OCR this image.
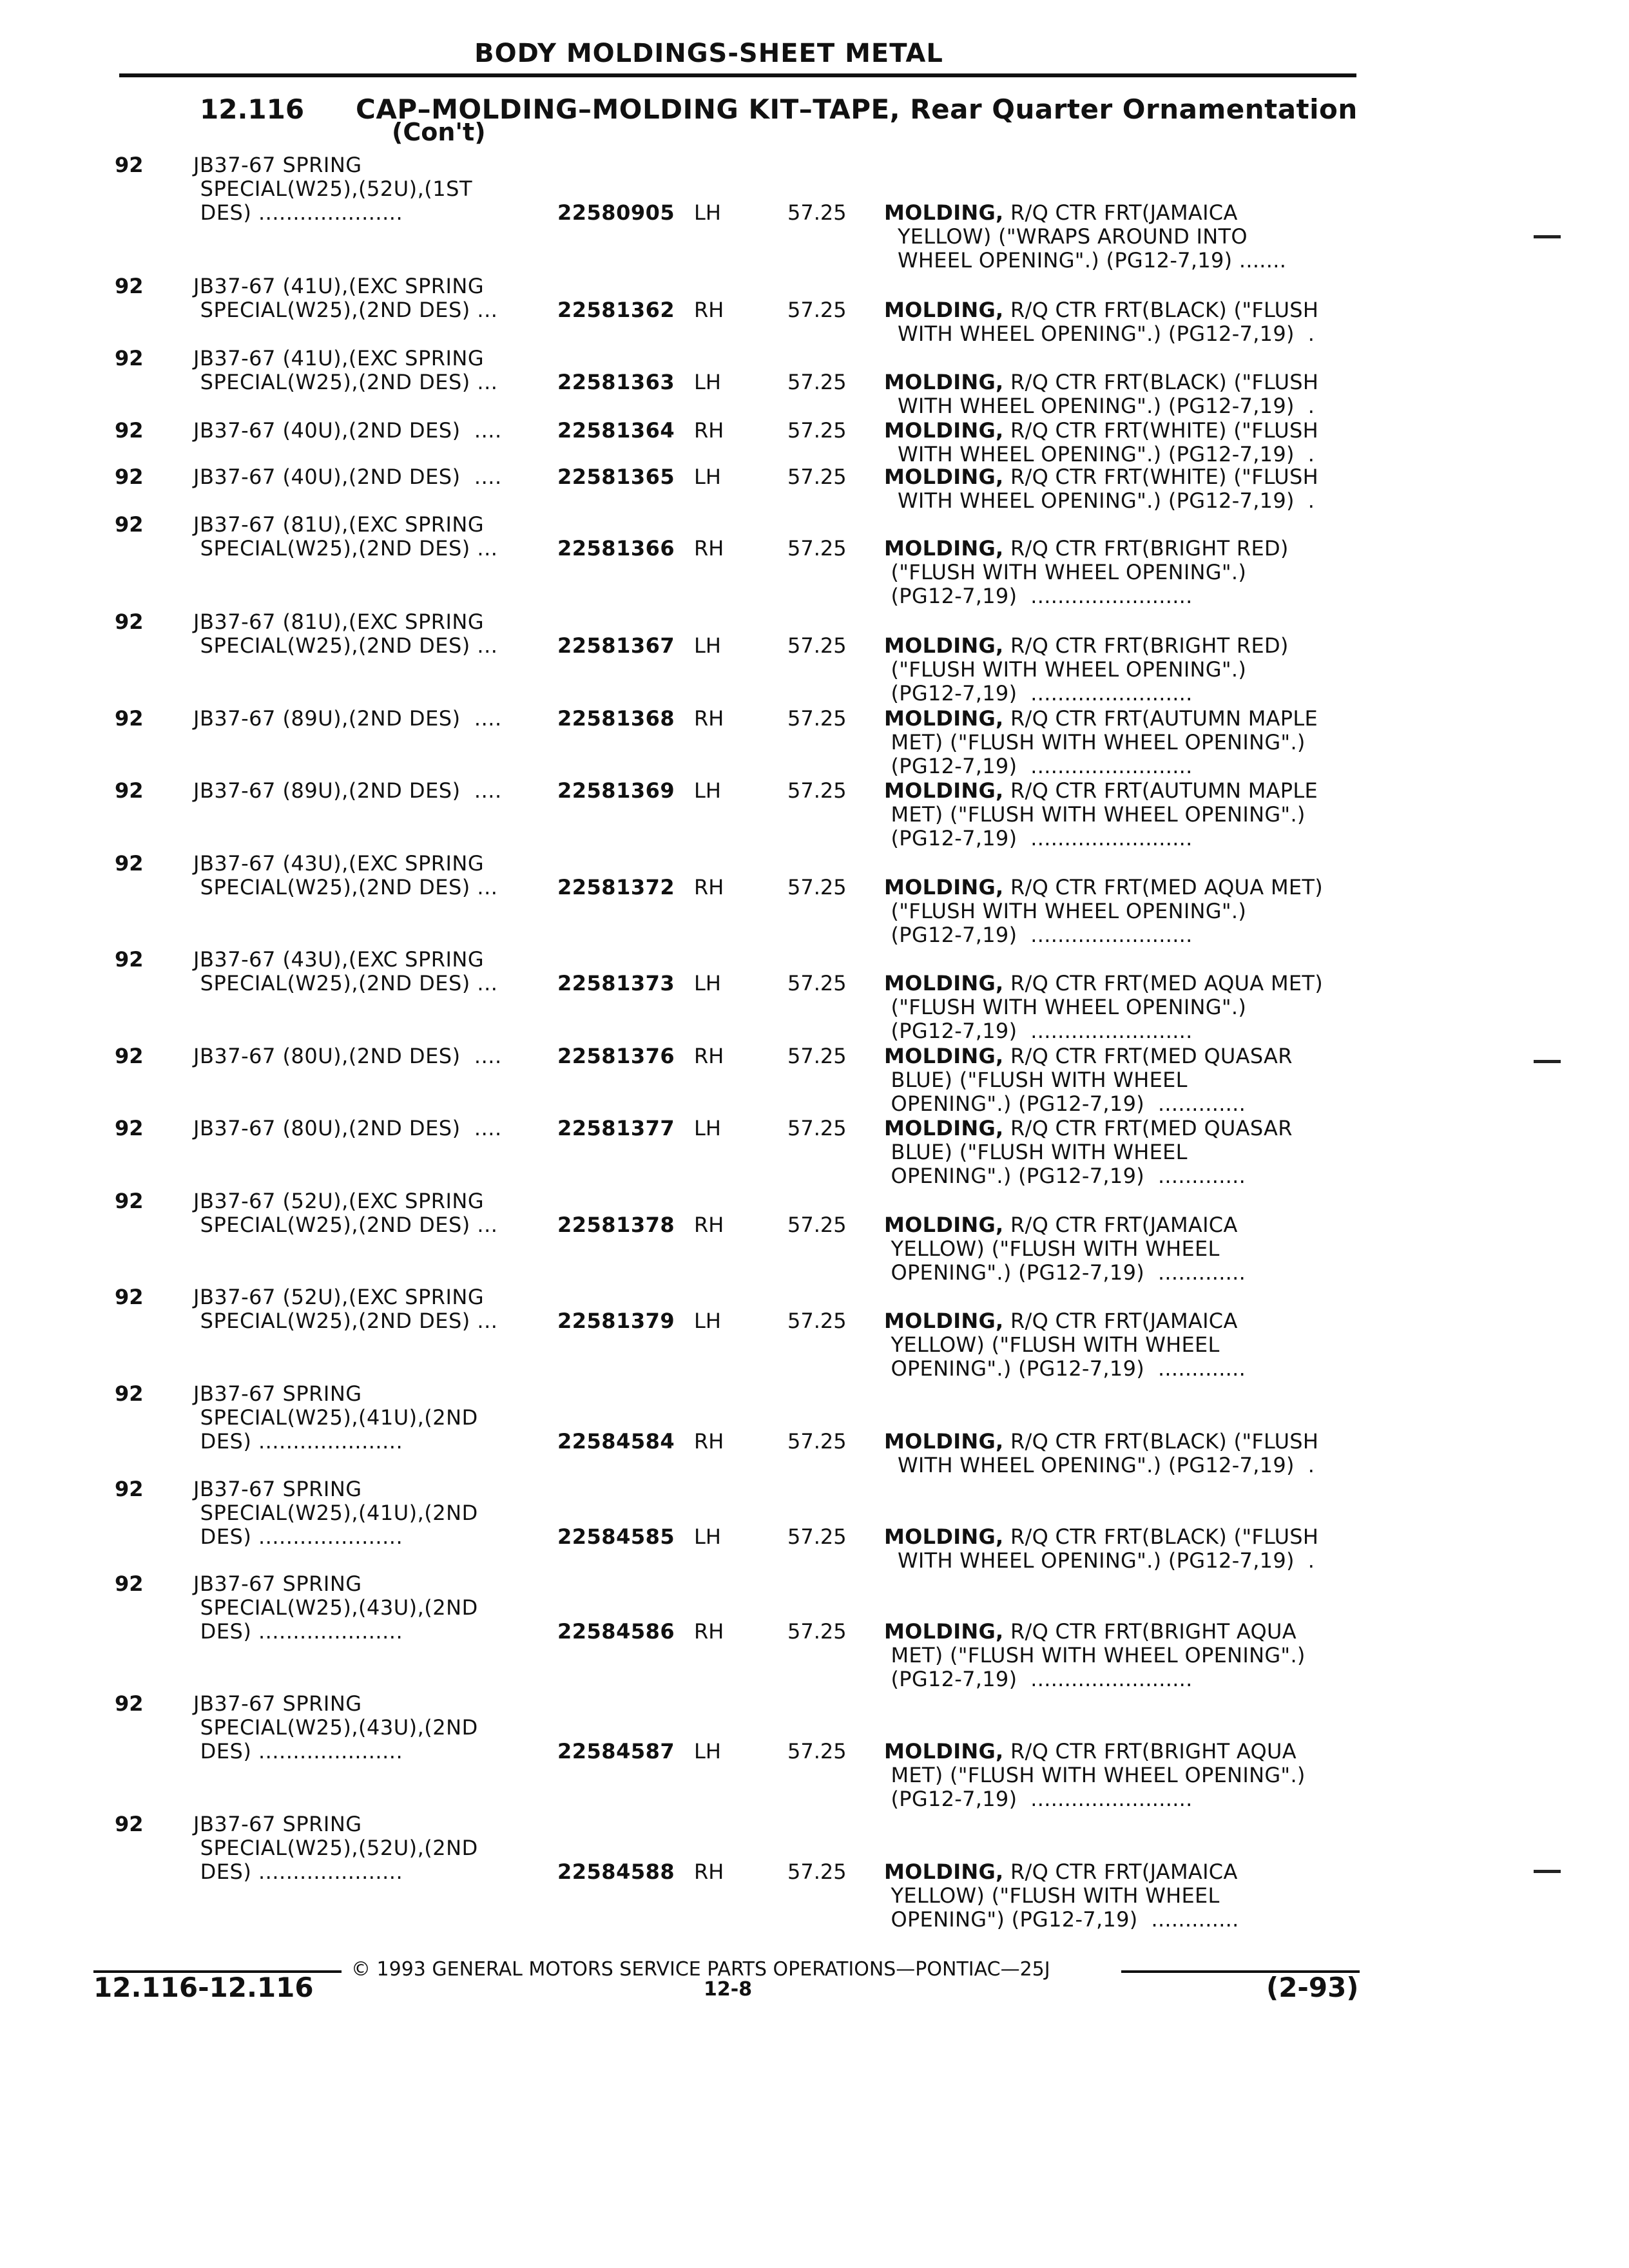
BODY MOLDINGS-SHEET METAL
12.116 CAP–MOLDING–MOLDING KIT–TAPE, Rear Quarter Ornamentation
(Con't)
92 JB37-67 SPRING
SPECIAL(W25),(52U),(1ST
DES) .....................	22580905 LH	57.25 MOLDING, R/Q CTR FRT(JAMAICA
YELLOW) ("WRAPS AROUND INTO
WHEEL OPENING".) (PG12-7,19) .......
92 JB37-67 (41U),(EXC SPRING
SPECIAL(W25),(2ND DES) ...	22581362 RH	57.25 MOLDING, R/Q CTR FRT(BLACK) ("FLUSH
WITH WHEEL OPENING".) (PG12-7,19)  .
92 JB37-67 (41U),(EXC SPRING
SPECIAL(W25),(2ND DES) ...	22581363 LH	57.25 MOLDING, R/Q CTR FRT(BLACK) ("FLUSH
WITH WHEEL OPENING".) (PG12-7,19)  .
92 JB37-67 (40U),(2ND DES)  ....	22581364 RH	57.25 MOLDING, R/Q CTR FRT(WHITE) ("FLUSH
WITH WHEEL OPENING".) (PG12-7,19)  .
92 JB37-67 (40U),(2ND DES)  ....	22581365 LH	57.25 MOLDING, R/Q CTR FRT(WHITE) ("FLUSH
WITH WHEEL OPENING".) (PG12-7,19)  .
92 JB37-67 (81U),(EXC SPRING
SPECIAL(W25),(2ND DES) ...	22581366 RH	57.25 MOLDING, R/Q CTR FRT(BRIGHT RED)
("FLUSH WITH WHEEL OPENING".)
(PG12-7,19)  ........................
92 JB37-67 (81U),(EXC SPRING
SPECIAL(W25),(2ND DES) ...	22581367 LH	57.25 MOLDING, R/Q CTR FRT(BRIGHT RED)
("FLUSH WITH WHEEL OPENING".)
(PG12-7,19)  ........................
92 JB37-67 (89U),(2ND DES)  ....	22581368 RH	57.25 MOLDING, R/Q CTR FRT(AUTUMN MAPLE
MET) ("FLUSH WITH WHEEL OPENING".)
(PG12-7,19)  ........................
92 JB37-67 (89U),(2ND DES)  ....	22581369 LH	57.25 MOLDING, R/Q CTR FRT(AUTUMN MAPLE
MET) ("FLUSH WITH WHEEL OPENING".)
(PG12-7,19)  ........................
92 JB37-67 (43U),(EXC SPRING
SPECIAL(W25),(2ND DES) ...	22581372 RH	57.25 MOLDING, R/Q CTR FRT(MED AQUA MET)
("FLUSH WITH WHEEL OPENING".)
(PG12-7,19)  ........................
92 JB37-67 (43U),(EXC SPRING
SPECIAL(W25),(2ND DES) ...	22581373 LH	57.25 MOLDING, R/Q CTR FRT(MED AQUA MET)
("FLUSH WITH WHEEL OPENING".)
(PG12-7,19)  ........................
92 JB37-67 (80U),(2ND DES)  ....	22581376 RH	57.25 MOLDING, R/Q CTR FRT(MED QUASAR
BLUE) ("FLUSH WITH WHEEL
OPENING".) (PG12-7,19)  .............
92 JB37-67 (80U),(2ND DES)  ....	22581377 LH	57.25 MOLDING, R/Q CTR FRT(MED QUASAR
BLUE) ("FLUSH WITH WHEEL
OPENING".) (PG12-7,19)  .............
92 JB37-67 (52U),(EXC SPRING
SPECIAL(W25),(2ND DES) ...	22581378 RH	57.25 MOLDING, R/Q CTR FRT(JAMAICA
YELLOW) ("FLUSH WITH WHEEL
OPENING".) (PG12-7,19)  .............
92 JB37-67 (52U),(EXC SPRING
SPECIAL(W25),(2ND DES) ...	22581379 LH	57.25 MOLDING, R/Q CTR FRT(JAMAICA
YELLOW) ("FLUSH WITH WHEEL
OPENING".) (PG12-7,19)  .............
92 JB37-67 SPRING
SPECIAL(W25),(41U),(2ND
DES) .....................	22584584 RH	57.25 MOLDING, R/Q CTR FRT(BLACK) ("FLUSH
WITH WHEEL OPENING".) (PG12-7,19)  .
92 JB37-67 SPRING
SPECIAL(W25),(41U),(2ND
DES) .....................	22584585 LH	57.25 MOLDING, R/Q CTR FRT(BLACK) ("FLUSH
WITH WHEEL OPENING".) (PG12-7,19)  .
92 JB37-67 SPRING
SPECIAL(W25),(43U),(2ND
DES) .....................	22584586 RH	57.25 MOLDING, R/Q CTR FRT(BRIGHT AQUA
MET) ("FLUSH WITH WHEEL OPENING".)
(PG12-7,19)  ........................
92 JB37-67 SPRING
SPECIAL(W25),(43U),(2ND
DES) .....................	22584587 LH	57.25 MOLDING, R/Q CTR FRT(BRIGHT AQUA
MET) ("FLUSH WITH WHEEL OPENING".)
(PG12-7,19)  ........................
92 JB37-67 SPRING
SPECIAL(W25),(52U),(2ND
DES) .....................	22584588 RH	57.25 MOLDING, R/Q CTR FRT(JAMAICA
YELLOW) ("FLUSH WITH WHEEL
OPENING") (PG12-7,19)  .............
© 1993 GENERAL MOTORS SERVICE PARTS OPERATIONS—PONTIAC—25J
12.116-12.116	12-8	(2-93)
